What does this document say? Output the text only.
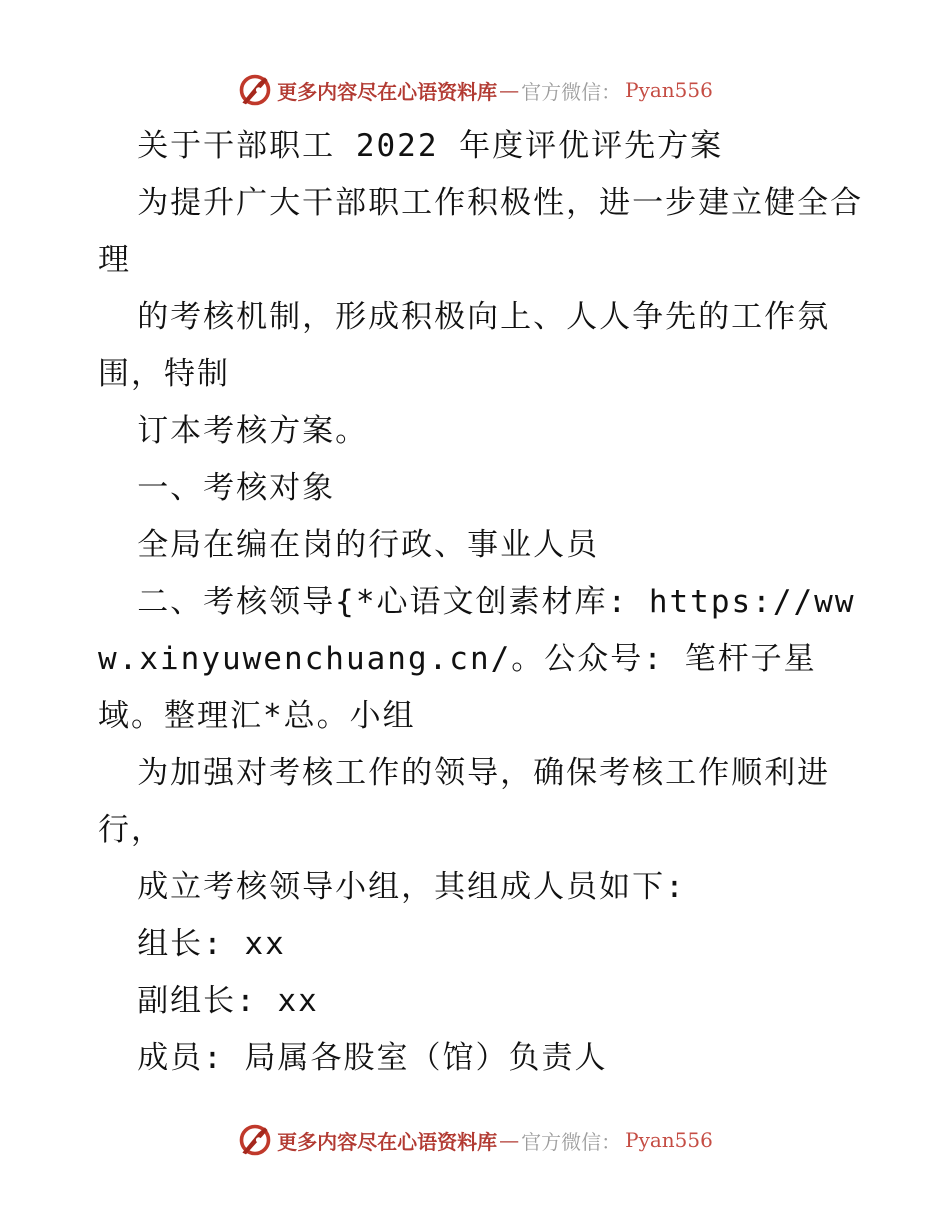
更多内容尽在心语资料库 — 官方微信： Pyan556

关于干部职工 2022 年度评优评先方案

为提升广大干部职工作积极性，进一步建立健全合理

的考核机制，形成积极向上、人人争先的工作氛围，特制

订本考核方案。

一、考核对象

全局在编在岗的行政、事业人员

二、考核领导{*心语文创素材库: https://www.xinyuwenchuang.cn/。公众号: 笔杆子星域。整理汇*总。小组

为加强对考核工作的领导，确保考核工作顺利进行，

成立考核领导小组，其组成人员如下:

组长: xx

副组长: xx

成员: 局属各股室（馆）负责人

更多内容尽在心语资料库 — 官方微信： Pyan556
